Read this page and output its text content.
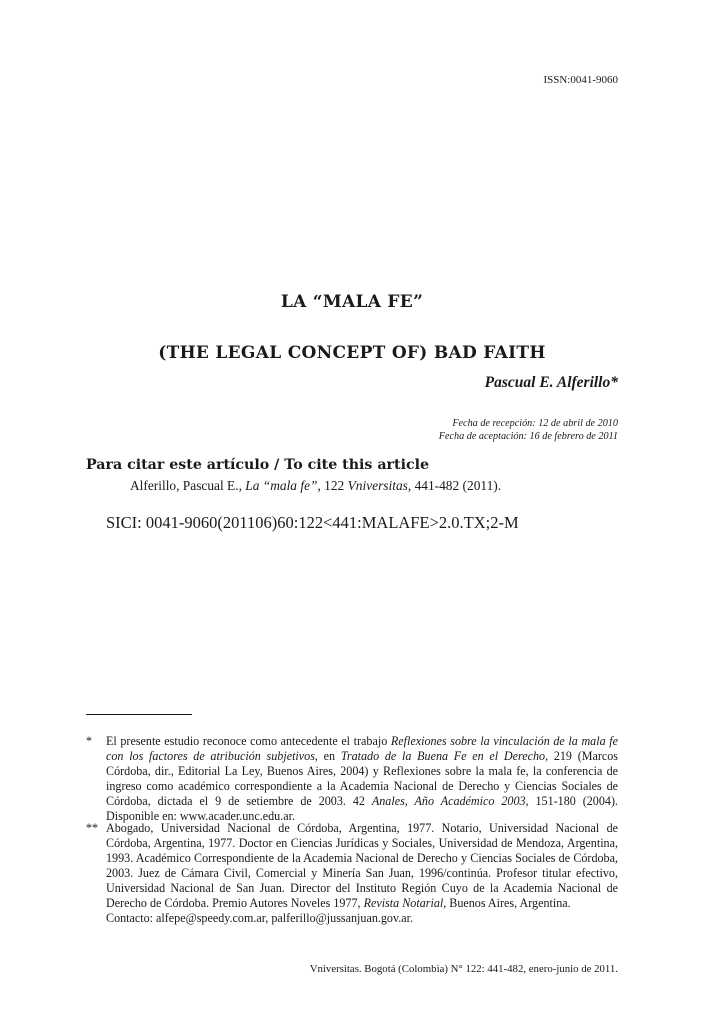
ISSN:0041-9060
LA “MALA FE”
(THE LEGAL CONCEPT OF) BAD FAITH
Pascual E. Alferillo*
Fecha de recepción: 12 de abril de 2010
Fecha de aceptación: 16 de febrero de 2011
Para citar este artículo / To cite this article
Alferillo, Pascual E., La “mala fe”, 122 Vniversitas, 441-482 (2011).
SICI: 0041-9060(201106)60:122<441:MALAFE>2.0.TX;2-M
* El presente estudio reconoce como antecedente el trabajo Reflexiones sobre la vinculación de la mala fe con los factores de atribución subjetivos, en Tratado de la Buena Fe en el Derecho, 219 (Marcos Córdoba, dir., Editorial La Ley, Buenos Aires, 2004) y Reflexiones sobre la mala fe, la conferencia de ingreso como académico correspondiente a la Academia Nacional de Derecho y Ciencias Sociales de Córdoba, dictada el 9 de setiembre de 2003. 42 Anales, Año Académico 2003, 151-180 (2004). Disponible en: www.acader.unc.edu.ar.
** Abogado, Universidad Nacional de Córdoba, Argentina, 1977. Notario, Universidad Nacional de Córdoba, Argentina, 1977. Doctor en Ciencias Jurídicas y Sociales, Universidad de Mendoza, Argentina, 1993. Académico Correspondiente de la Academia Nacional de Derecho y Ciencias Sociales de Córdoba, 2003. Juez de Cámara Civil, Comercial y Minería San Juan, 1996/continúa. Profesor titular efectivo, Universidad Nacional de San Juan. Director del Instituto Región Cuyo de la Academia Nacional de Derecho de Córdoba. Premio Autores Noveles 1977, Revista Notarial, Buenos Aires, Argentina.
Contacto: alfepe@speedy.com.ar, palferillo@jussanjuan.gov.ar.
Vniversitas. Bogotá (Colombia) N° 122: 441-482, enero-junio de 2011.
